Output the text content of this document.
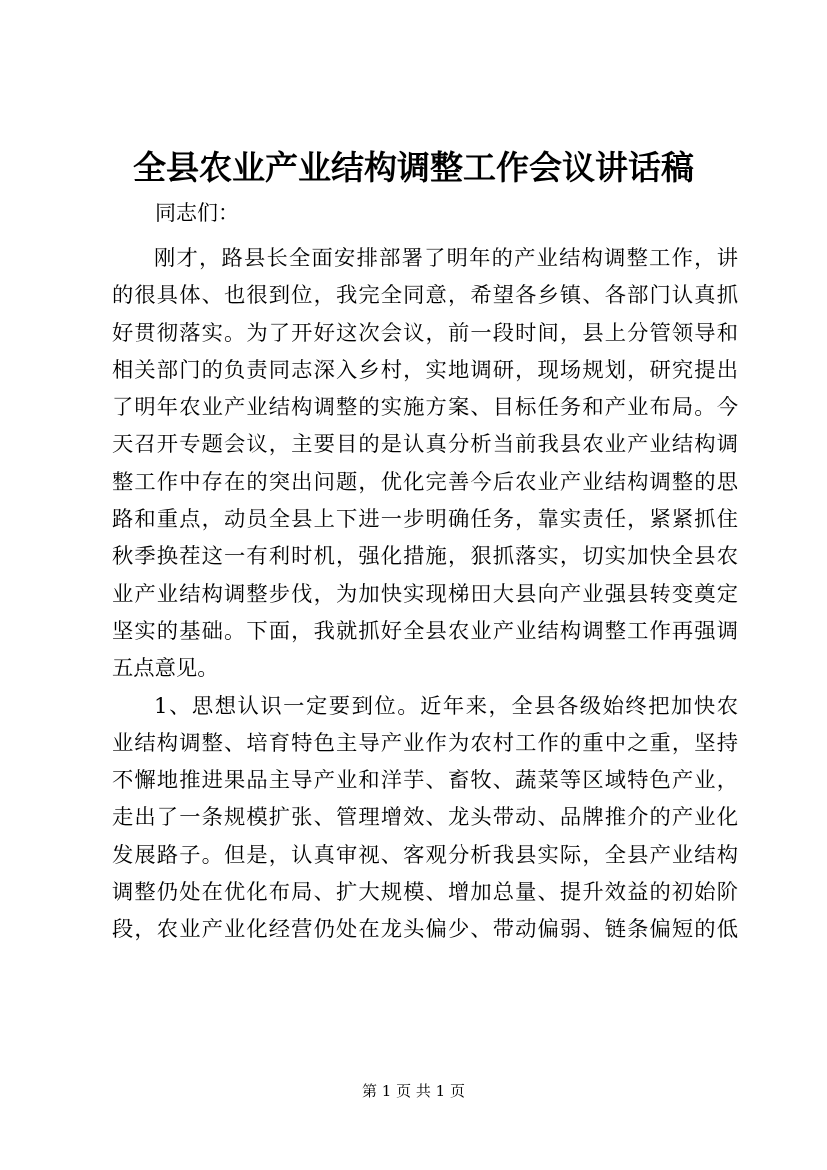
全县农业产业结构调整工作会议讲话稿
同志们：
刚才，路县长全面安排部署了明年的产业结构调整工作，讲
的很具体、也很到位，我完全同意，希望各乡镇、各部门认真抓
好贯彻落实。为了开好这次会议，前一段时间，县上分管领导和
相关部门的负责同志深入乡村，实地调研，现场规划，研究提出
了明年农业产业结构调整的实施方案、目标任务和产业布局。今
天召开专题会议，主要目的是认真分析当前我县农业产业结构调
整工作中存在的突出问题，优化完善今后农业产业结构调整的思
路和重点，动员全县上下进一步明确任务，靠实责任，紧紧抓住
秋季换茬这一有利时机，强化措施，狠抓落实，切实加快全县农
业产业结构调整步伐，为加快实现梯田大县向产业强县转变奠定
坚实的基础。下面，我就抓好全县农业产业结构调整工作再强调
五点意见。
1、思想认识一定要到位。近年来，全县各级始终把加快农
业结构调整、培育特色主导产业作为农村工作的重中之重，坚持
不懈地推进果品主导产业和洋芋、畜牧、蔬菜等区域特色产业，
走出了一条规模扩张、管理增效、龙头带动、品牌推介的产业化
发展路子。但是，认真审视、客观分析我县实际，全县产业结构
调整仍处在优化布局、扩大规模、增加总量、提升效益的初始阶
段，农业产业化经营仍处在龙头偏少、带动偏弱、链条偏短的低
第 1 页 共 1 页
